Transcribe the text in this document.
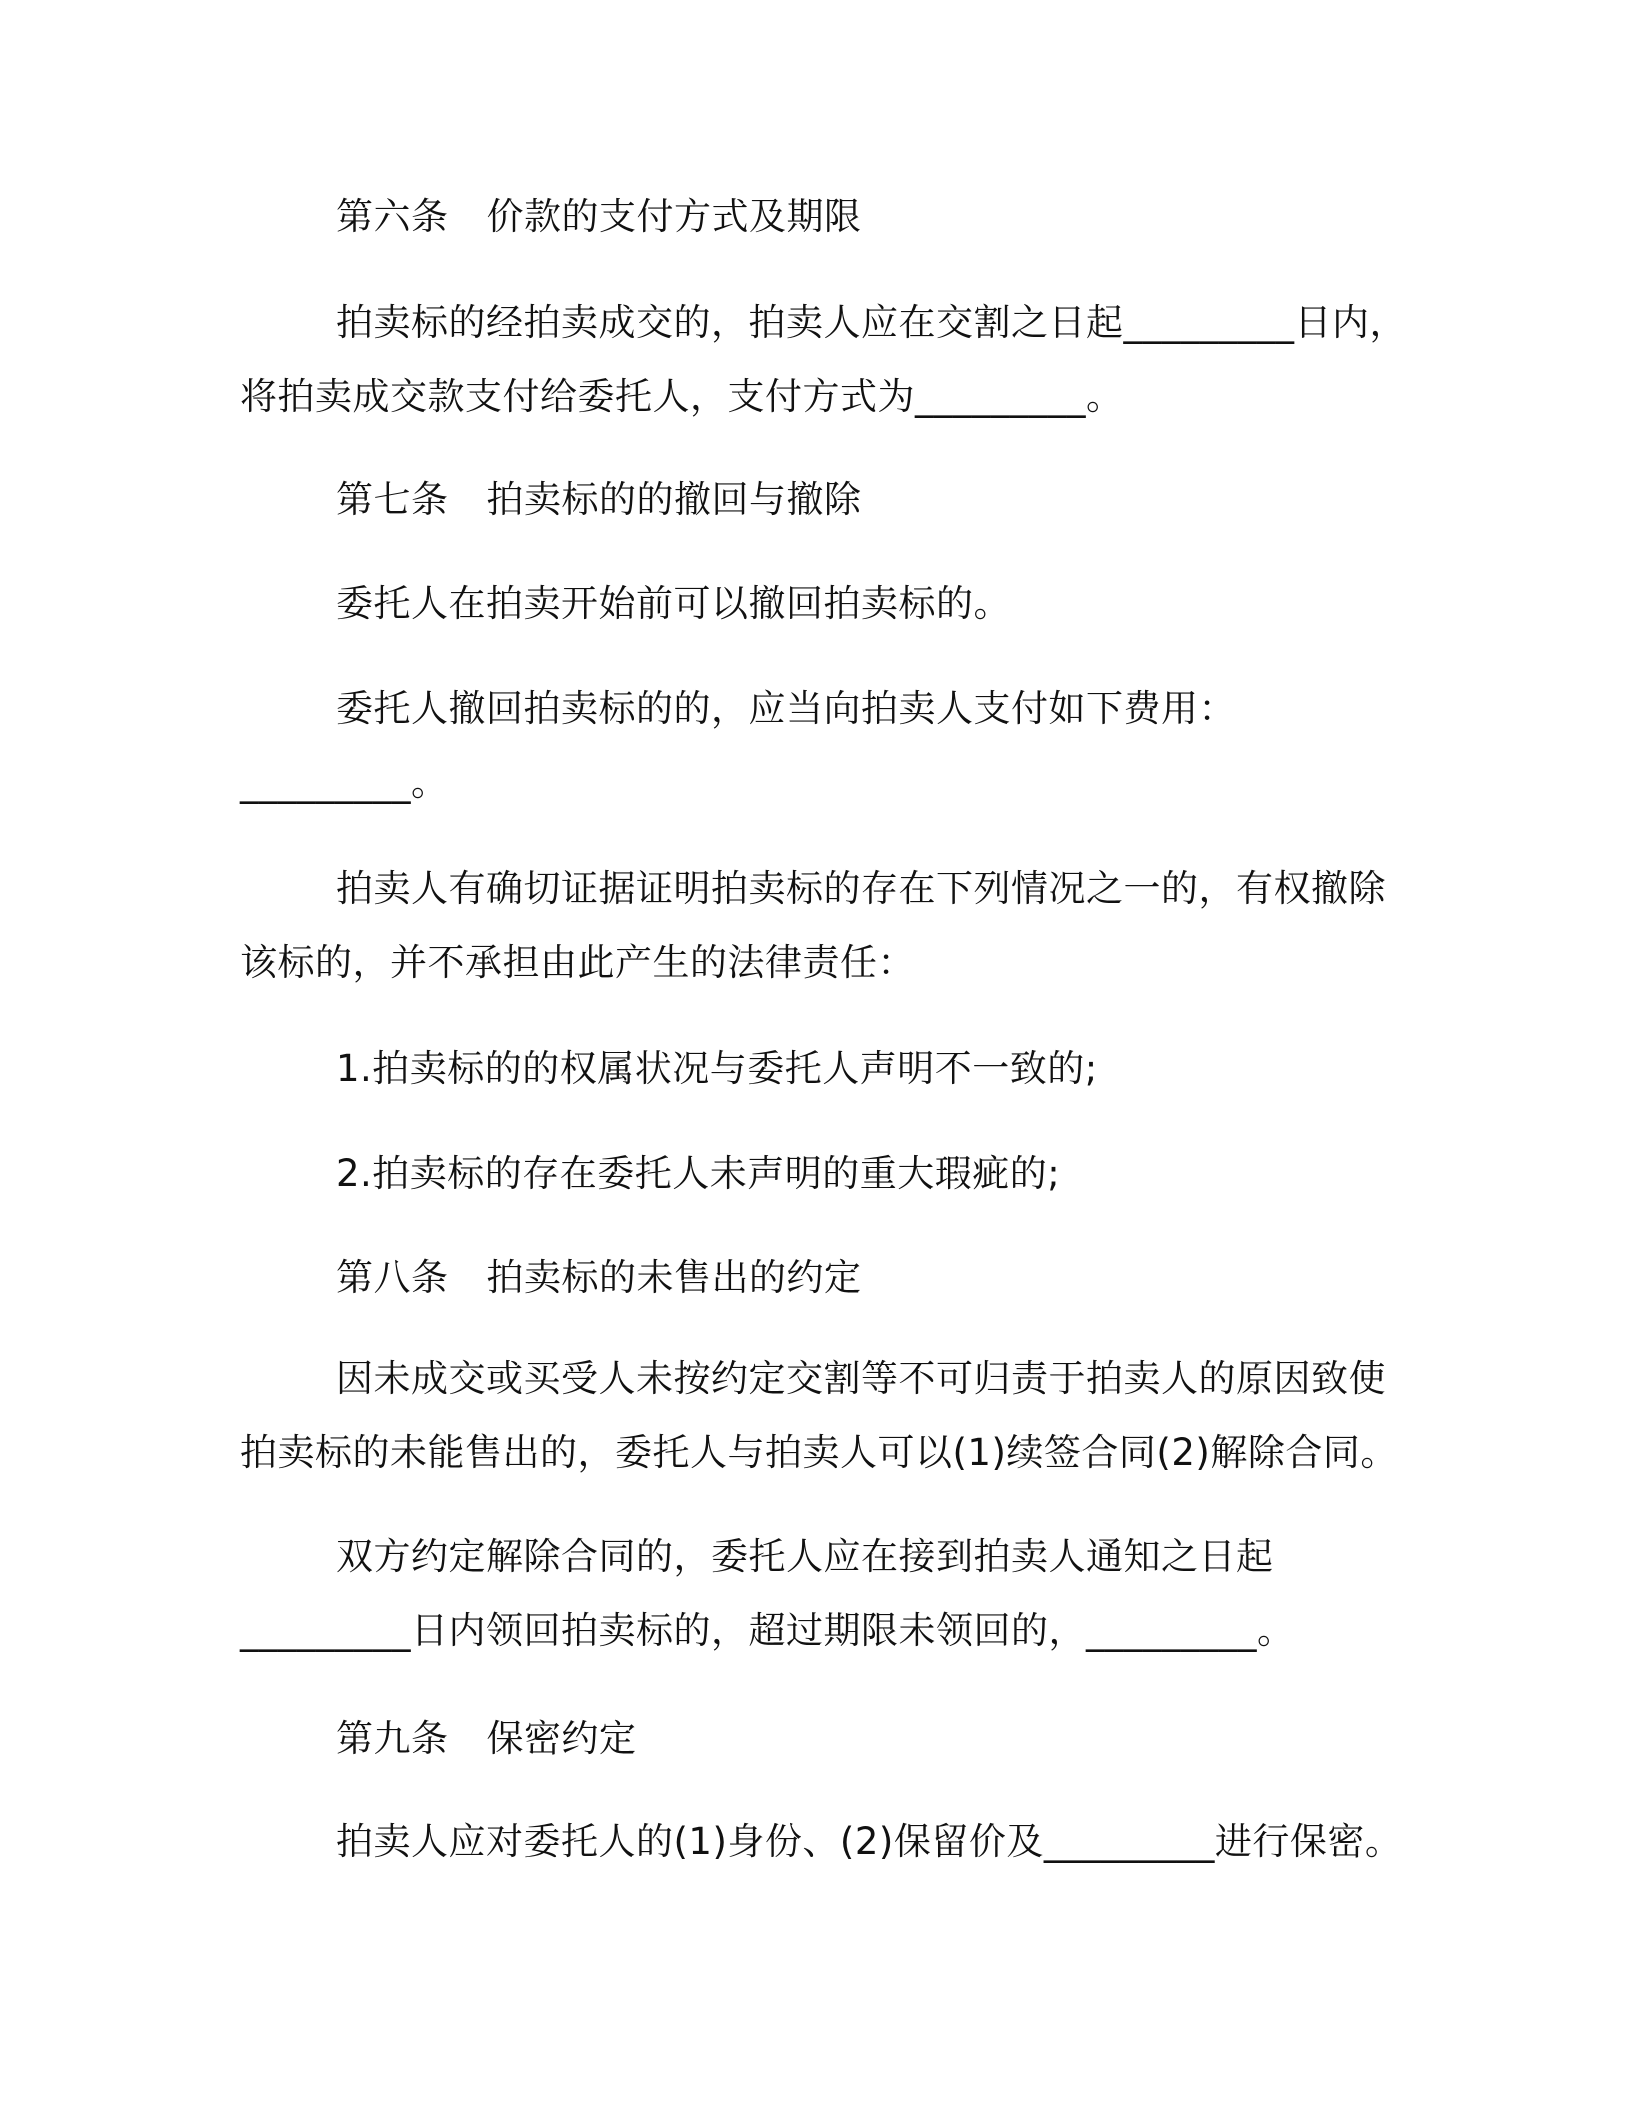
第六条 价款的支付方式及期限
拍卖标的经拍卖成交的，拍卖人应在交割之日起_________日内，
将拍卖成交款支付给委托人，支付方式为_________。
第七条 拍卖标的的撤回与撤除
委托人在拍卖开始前可以撤回拍卖标的。
委托人撤回拍卖标的的，应当向拍卖人支付如下费用：
_________。
拍卖人有确切证据证明拍卖标的存在下列情况之一的，有权撤除
该标的，并不承担由此产生的法律责任：
1.拍卖标的的权属状况与委托人声明不一致的;
2.拍卖标的存在委托人未声明的重大瑕疵的;
第八条 拍卖标的未售出的约定
因未成交或买受人未按约定交割等不可归责于拍卖人的原因致使
拍卖标的未能售出的，委托人与拍卖人可以(1)续签合同(2)解除合同。
双方约定解除合同的，委托人应在接到拍卖人通知之日起
_________日内领回拍卖标的，超过期限未领回的，_________。
第九条 保密约定
拍卖人应对委托人的(1)身份、(2)保留价及_________进行保密。
